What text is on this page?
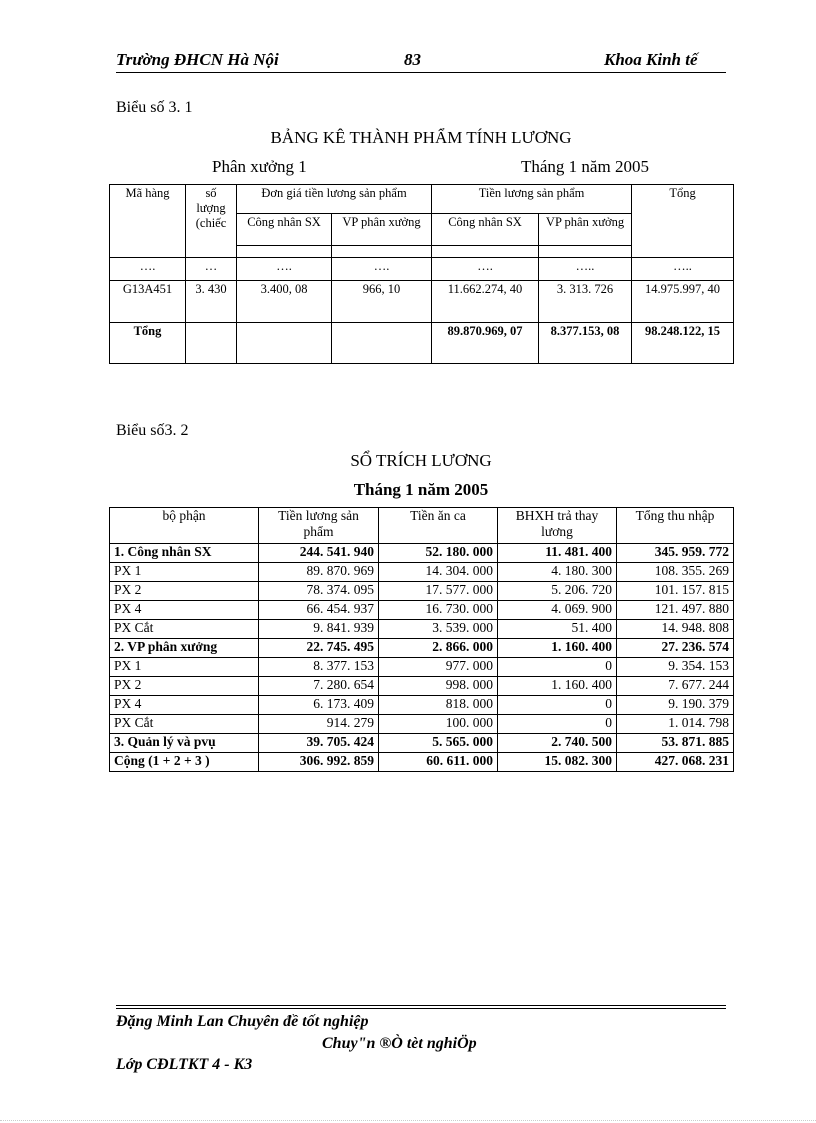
Trường ĐHCN Hà Nội	83	Khoa Kinh tế
Biểu số 3. 1
BẢNG KÊ THÀNH PHẨM TÍNH LƯƠNG
Phân xưởng 1	Tháng 1 năm 2005
Mã hàng	số lượng (chiếc	Đơn giá tiền lương sản phẩm		Tiền lương sản phẩm		Tổng
		Công nhân SX	VP phân xưởng	Công nhân SX	VP phân xưởng	

….	…	….	….	….	…..	…..
G13A451	3. 430	3.400, 08	966, 10	11.662.274, 40	3. 313. 726	14.975.997, 40
Tổng				89.870.969, 07	8.377.153, 08	98.248.122, 15
Biểu số3. 2
SỔ TRÍCH LƯƠNG
Tháng 1 năm 2005
bộ phận	Tiền lương sản phẩm	Tiền ăn ca	BHXH trả thay lương	Tổng thu nhập
1. Công nhân SX	244. 541. 940	52. 180. 000	11. 481. 400	345. 959. 772
PX 1	89. 870. 969	14. 304. 000	4. 180. 300	108. 355. 269
PX 2	78. 374. 095	17. 577. 000	5. 206. 720	101. 157. 815
PX 4	66. 454. 937	16. 730. 000	4. 069. 900	121. 497. 880
PX Cắt	9. 841. 939	3. 539. 000	51. 400	14. 948. 808
2. VP phân xưởng	22. 745. 495	2. 866. 000	1. 160. 400	27. 236. 574
PX 1	8. 377. 153	977. 000	0	9. 354. 153
PX 2	7. 280. 654	998. 000	1. 160. 400	7. 677. 244
PX 4	6. 173. 409	818. 000	0	9. 190. 379
PX Cắt	914. 279	100. 000	0	1. 014. 798
3. Quản lý và pvụ	39. 705. 424	5. 565. 000	2. 740. 500	53. 871. 885
Cộng (1 + 2 + 3 )	306. 992. 859	60. 611. 000	15. 082. 300	427. 068. 231
Đặng Minh Lan Chuyên đề tốt nghiệp
Chuy"n ®Ò tèt nghiÖp
Lớp CĐLTKT 4 - K3
